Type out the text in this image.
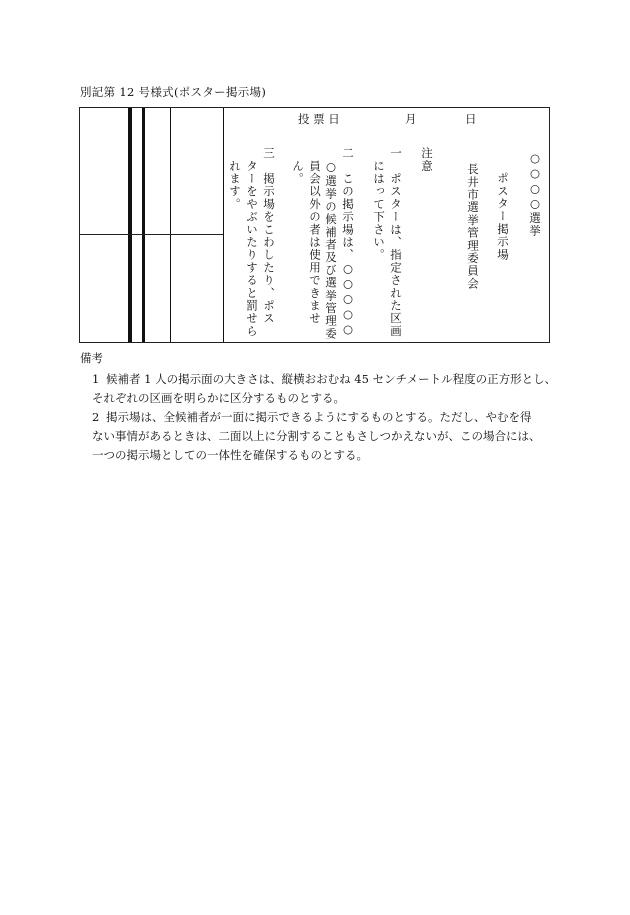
別記第 12 号様式(ポスター掲示場)
投 票 日	月	日
○○○○選挙
ポスター掲示場
長井市選挙管理委員会
注意
一　ポスターは、指定された区画
　にはって下さい。
二　この掲示場は、○○○○○
　○選挙の候補者及び選挙管理委
　員会以外の者は使用できませ
　ん。
三　掲示場をこわしたり、ポス
　ターをやぶいたりすると罰せら
　れます。
備考
1 候補者 1 人の掲示面の大きさは、縦横おおむね 45 センチメートル程度の正方形とし、
それぞれの区画を明らかに区分するものとする。
2 掲示場は、全候補者が一面に掲示できるようにするものとする。ただし、やむを得
ない事情があるときは、二面以上に分割することもさしつかえないが、この場合には、
一つの掲示場としての一体性を確保するものとする。
